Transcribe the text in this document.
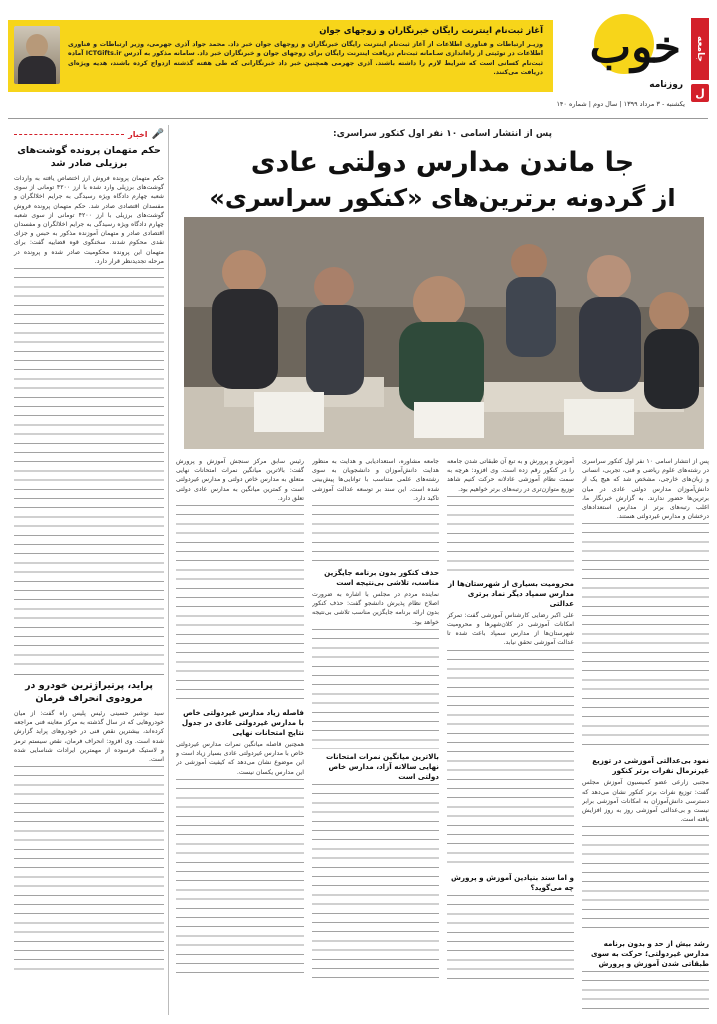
جامعه
ل
خوب
روزنامه
یکشنبه - ۳ مرداد ۱۳۹۹ | سال دوم | شماره ۱۴۰
آغاز ثبت‌نام اینترنت رایگان خبرنگاران و زوجهای جوان
وزیـر ارتباطات و فناوری اطلاعات از آغاز ثبت‌نام اینترنت رایگان خبرنگاران و زوجهای جوان خبر داد. محمد جواد آذری جهرمی، وزیر ارتباطات و فناوری اطلاعات در توئیتی از راه‌اندازی سـامانه ثبت‌نام دریافت اینترنت رایگان برای زوجهای جوان و خبرنگاران خبر داد. سامانه مذکور به آدرس ICTGifts.ir آماده ثبت‌نام کسانی است که شرایط لازم را داشته باشند. آذری جهرمی همچنین خبر داد خبرنگارانی که طی هفته گذشته ازدواج کرده باشند، هدیه ویژه‌ای دریافت می‌کنند.
🎤
اخبار
حکم متهمان پرونده گوشت‌های برزیلی صادر شد

حکم متهمان پرونده فروش ارز اختصاص یافته به واردات گوشت‌های برزیلی وارد شده با ارز ۴۲۰۰ تومانی از سوی شعبه چهارم دادگاه ویژه رسیدگی به جرایم اخلالگران و مفسدان اقتصادی صادر شد. حکم متهمان پرونده فروش گوشت‌های برزیلی با ارز ۴۲۰۰ تومانی از سوی شعبه چهارم دادگاه ویژه رسیدگی به جرایم اخلالگران و مفسدان اقتصادی صادر و متهمان آموزنده مذکور به حبس و جزای نقدی محکوم شدند. سخنگوی قوه قضاییه گفت: برای متهمان این پرونده محکومیت صادر شده و پرونده در مرحله تجدیدنظر قرار دارد.

پراید، پرتیراژترین خودرو در مرودوی انحراف فرمان

سید نوشیر حسینی رئیس پلیس راه گفت: از میان خودروهایی که در سال گذشته به مرکز معاینه فنی مراجعه کرده‌اند، بیشترین نقص فنی در خودروهای پراید گزارش شده است. وی افزود: انحراف فرمان، نقص سیستم ترمز و لاستیک فرسوده از مهمترین ایرادات شناسایی شده است.

پس از انتشار اسامی ۱۰ نفر اول کنکور سراسری:
جا ماندن مدارس دولتی عادی
از گردونه برترین‌های «کنکور سراسری»

پس از انتشار اسامی ۱۰ نفر اول کنکور سراسری در رشته‌های علوم ریاضی و فنی، تجربی، انسانی و زبان‌های خارجی، مشخص شد که هیچ یک از دانش‌آموزان مدارس دولتی عادی در میان برترین‌ها حضور ندارند. به گزارش خبرنگار ما، اغلب رتبه‌های برتر از مدارس استعدادهای درخشان و مدارس غیردولتی هستند.

نمود بی‌عدالتی آموزشی در توزیع غیرنرمال نفرات برتر کنکور

مجتبی زارعی عضو کمیسیون آموزش مجلس گفت: توزیع نفرات برتر کنکور نشان می‌دهد که دسترسی دانش‌آموزان به امکانات آموزشی برابر نیست و بی‌عدالتی آموزشی روز به روز افزایش یافته است.

رشد بیش از حد و بدون برنامه مدارس غیردولتی؛ حرکت به سوی طبقاتی شدن آموزش و پرورش

آموزش و پرورش و به تبع آن طبقاتی شدن جامعه را در کنکور رقم زده است. وی افزود: هرچه به سمت نظام آموزشی عادلانه حرکت کنیم شاهد توزیع متوازن‌تری در رتبه‌های برتر خواهیم بود.

محرومیت بسیاری از شهرستان‌ها از مدارس سمپاد دیگر نماد برتری عدالتی

علی اکبر رضایی کارشناس آموزشی گفت: تمرکز امکانات آموزشی در کلان‌شهرها و محرومیت شهرستان‌ها از مدارس سمپاد باعث شده تا عدالت آموزشی تحقق نیابد.

و اما سند بنیادین آموزش و پرورش چه می‌گوید؟

جامعه مشاوره، استعدادیابی و هدایت به منظور هدایت دانش‌آموزان و دانشجویان به سوی رشته‌های علمی متناسب با توانایی‌ها پیش‌بینی شده است. این سند بر توسعه عدالت آموزشی تاکید دارد.

حذف کنکور بدون برنامه جایگزین مناسب، تلاشی بی‌نتیجه است

نماینده مردم در مجلس با اشاره به ضرورت اصلاح نظام پذیرش دانشجو گفت: حذف کنکور بدون ارائه برنامه جایگزین مناسب تلاشی بی‌نتیجه خواهد بود.

بالاترین میانگین نمرات امتحانات نهایی سالانه آزاد، مدارس خاص دولتی است

رئیس سابق مرکز سنجش آموزش و پرورش گفت: بالاترین میانگین نمرات امتحانات نهایی متعلق به مدارس خاص دولتی و مدارس غیردولتی است و کمترین میانگین به مدارس عادی دولتی تعلق دارد.

فاصله زیاد مدارس غیردولتی خاص با مدارس غیردولتی عادی در جدول نتایج امتحانات نهایی

همچنین فاصله میانگین نمرات مدارس غیردولتی خاص با مدارس غیردولتی عادی بسیار زیاد است و این موضوع نشان می‌دهد که کیفیت آموزشی در این مدارس یکسان نیست.
